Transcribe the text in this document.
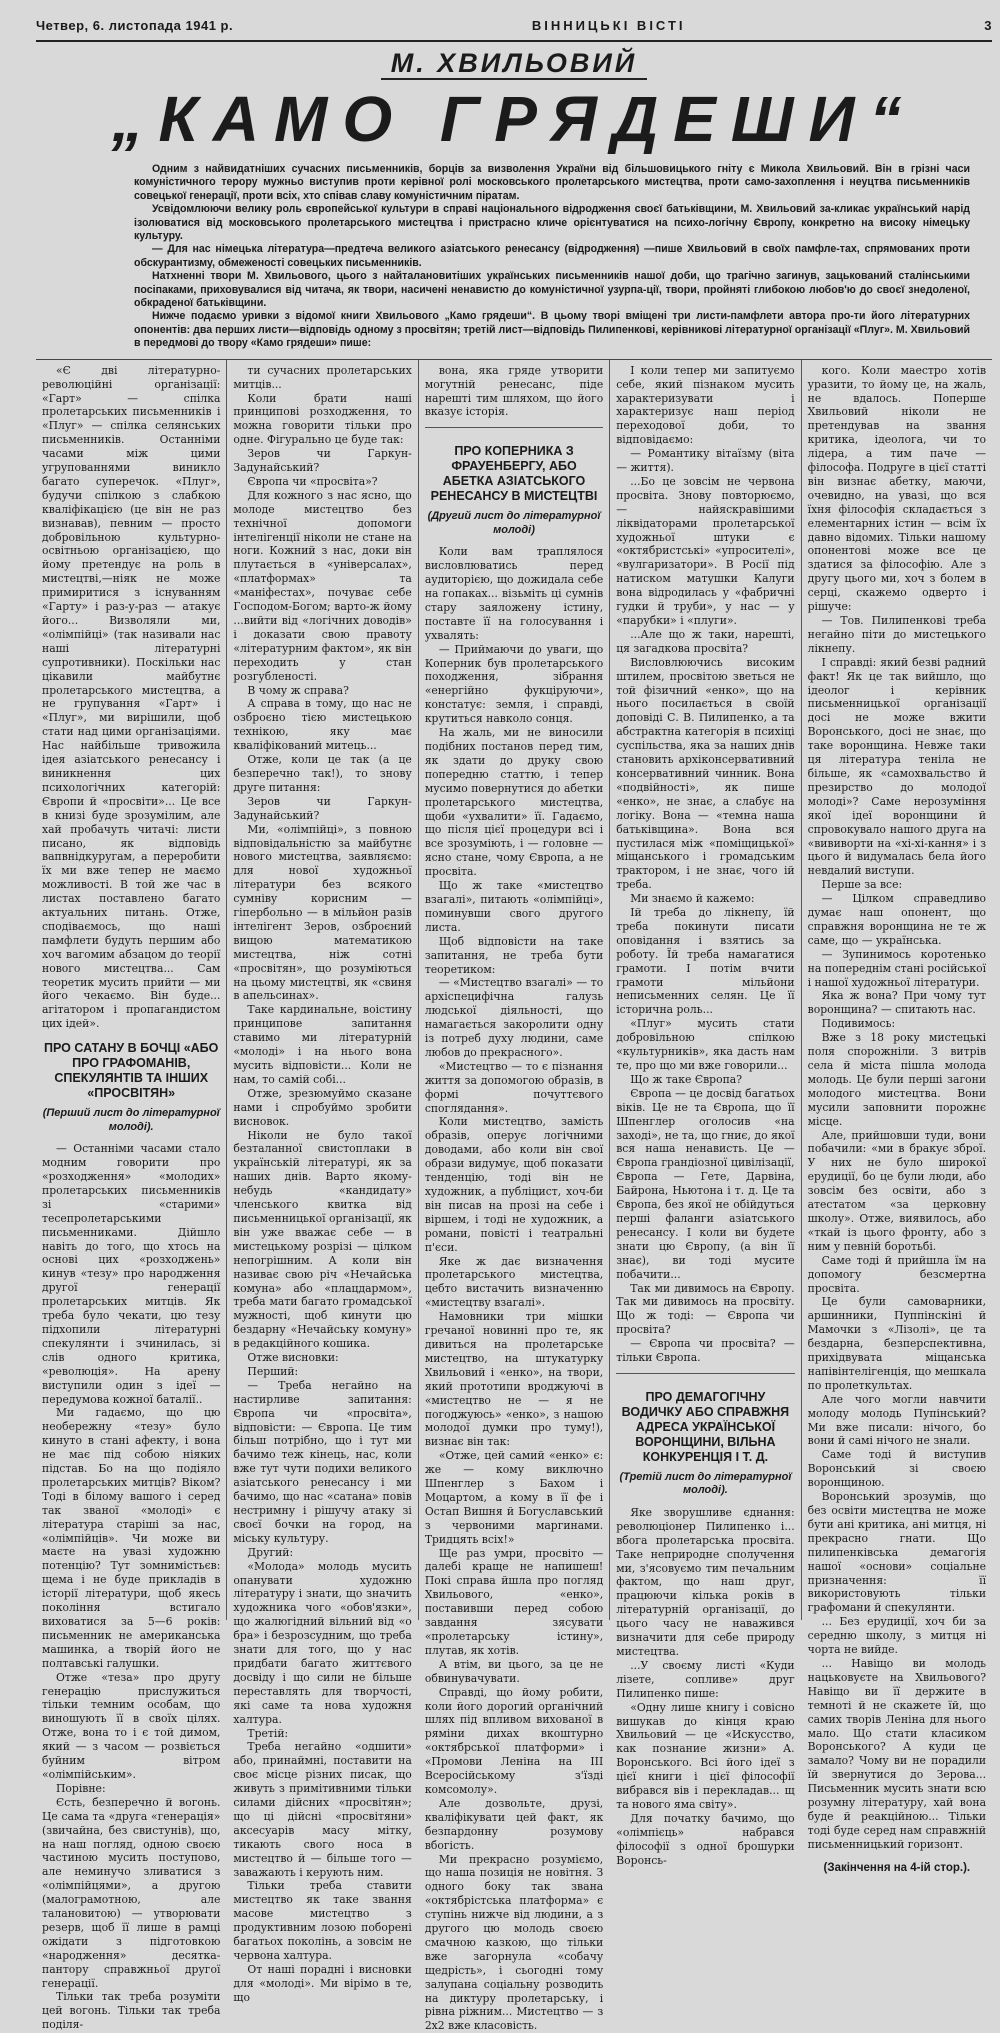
Четвер, 6. листопада 1941 р.	ВІННИЦЬКІ ВІСТІ	3
М. ХВИЛЬОВИЙ
„КАМО ГРЯДЕШИ“

Одним з найвидатніших сучасних письменників, борців за визволення України від більшовицького гніту є Микола Хвильовий. Він в грізні часи комуністичного терору мужньо виступив проти керівної ролі московського пролетарського мистецтва, проти само-захоплення і неуцтва письменників совецької генерації, проти всіх, хто співав славу комуністичним піратам.

Усвідомлюючи велику роль європейської культури в справі національного відродження своєї батьківщини, М. Хвильовий за-кликає український нарід ізолюватися від московського пролетарського мистецтва і пристрасно кличе орієнтуватися на психо-логічну Європу, конкретно на високу німецьку культуру.

— Для нас німецька література—предтеча великого азіатського ренесансу (відродження) —пише Хвильовий в своїх памфле-тах, спрямованих проти обскурантизму, обмеженості совецьких письменників.

Натхненні твори М. Хвильового, цього з найталановитіших українських письменників нашої доби, що трагічно загинув, зацькований сталінськими посіпаками, приховувалися від читача, як твори, насичені ненавистю до комуністичної узурпа-ції, твори, пройняті глибокою любов'ю до своєї знедоленої, обкраденої батьківщини.

Нижче подаємо уривки з відомої книги Хвильового „Камо грядеши“. В цьому творі вміщені три листи-памфлети автора про-ти його літературних опонентів: два перших листи—відповідь одному з просвітян; третій лист—відповідь Пилипенкові, керівникові літературної організації «Плуг». М. Хвильовий в передмові до твору «Камо грядеши» пише:

«Є дві літературно-революційні організації: «Гарт» — спілка пролетарських письменників і «Плуг» — спілка селянських письменників. Останніми часами між цими угрупованнями виникло багато суперечок. «Плуг», будучи спілкою з слабкою кваліфікацією (це він не раз визнавав), певним — просто добровільною культурно-освітньою організацією, що йому претендує на роль в мистецтві,—ніяк не може примиритися з існуванням «Гарту» і раз-у-раз — атакує його... Визволяли ми, «олімпійці» (так називали нас наші літературні супротивники). Поскільки нас цікавили майбутнє пролетарського мистецтва, а не групування «Гарт» і «Плуг», ми вирішили, щоб стати над цими організаціями. Нас найбільше тривожила ідея азіатського ренесансу і виникнення цих психологічних категорій: Європи й «просвіти»... Це все в книзі буде зрозумілим, але хай пробачуть читачі: листи писано, як відповідь вапвнідкуругам, а переробити їх ми вже тепер не маємо можливості. В той же час в листах поставлено багато актуальних питань. Отже, сподіваємось, що наші памфлети будуть першим або хоч вагомим абзацом до теорії нового мистецтва... Сам теоретик мусить прийти — ми його чекаємо. Він буде... агітатором і пропагандистом цих ідей».

ПРО САТАНУ В БОЧЦІ «АБО ПРО ГРАФОМАНІВ, СПЕКУЛЯНТІВ ТА ІНШИХ «ПРОСВІТЯН»
(Перший лист до літературної молоді).

— Останніми часами стало модним говорити про «розходження» «молодих» пролетарських письменників зі «старими» тесепролетарськими письменниками. Дійшло навіть до того, що хтось на основі цих «розходжень» кинув «тезу» про народження другої генерації пролетарських митців. Як треба було чекати, цю тезу підхопили літературні спекулянти і зчинилась, зі слів одного критика, «революція». На арену виступили один з ідеї — передумова кожної баталії..

Ми гадаємо, що цю необережну «тезу» було кинуто в стані афекту, і вона не має під собою ніяких підстав. Бо на що подіяло пролетарських митців? Віком? Тоді в білому вашого і серед так званої «молоді» є література старіші за нас, «олімпійців». Чи може ви маєте на увазі художню потенцію? Тут зомнимістьєв: щема і не буде прикладів в історії літератури, щоб якесь покоління встигало виховатися за 5—6 років: письменник не американська машинка, а творій його не полтавські галушки.

Отже «теза» про другу генерацію прислужиться тільки темним особам, що виношують її в своїх цілях. Отже, вона то і є той димом, який — з часом — розвіється буйним вітром «олімпійським».

Порівне:

Єсть, безперечно й вогонь. Це сама та «друга «генерація» (звичайна, без свистунів), що, на наш погляд, одною своєю частиною мусить поступово, але неминучо зливатися з «олімпійцями», а другою (малограмотною, але талановитою) — утворювати резерв, щоб її лише в рамці ожідати з підготовкою «народження» десятка-пантору справжньої другої генерації.

Тільки так треба розуміти цей вогонь. Тільки так треба поділя-

ти сучасних пролетарських митців...

Коли брати наші принципові розходження, то можна говорити тільки про одне. Фігурально це буде так:

Зеров чи Гаркун-Задунайський?

Європа чи «просвіта»?

Для кожного з нас ясно, що молоде мистецтво без технічної допомоги інтелігенції ніколи не стане на ноги. Кожний з нас, доки він плутається в «універсалах», «платформах» та «маніфестах», почуває себе Господом-Богом; варто-ж йому ...вийти від «логічних доводів» і доказати свою правоту «літературним фактом», як він переходить у стан розгубленості.

В чому ж справа?

А справа в тому, що нас не озброєно тією мистецькою технікою, яку має кваліфікований митець...

Отже, коли це так (а це безперечно так!), то знову друге питання:

Зеров чи Гаркун-Задунайський?

Ми, «олімпійці», з повною відповідальністю за майбутнє нового мистецтва, заявляємо: для нової художньої літератури без всякого сумніву корисним — гіпербольно — в мільйон разів інтелігент Зеров, озброєний вищою математикою мистецтва, ніж сотні «просвітян», що розуміються на цьому мистецтві, як «свиня в апельсинах».

Таке кардинальне, воістину принципове запитання ставимо ми літературній «молоді» і на нього вона мусить відповісти... Коли не нам, то самій собі...

Отже, зрезюмуймо сказане нами і спробуймо зробити висновок.

Ніколи не було такої безталанної свистоплаки в українській літературі, як за наших днів. Варто якому-небудь «кандидату» членського квитка від письменницької організації, як він уже вважає себе — в мистецькому розрізі — цілком непогрішним. А коли він називає свою річ «Нечайська комуна» або «плацдармом», треба мати багато громадської мужності, щоб кинути цю бездарну «Нечайську комуну» в редакційного кошика.

Отже висновки:

Перший:

— Треба негайно на настирливе запитання: Європа чи «просвіта», відповісти: — Європа. Це тим більш потрібно, що і тут ми бачимо теж кінець, нас, коли вже тут чути подихи великого азіатського ренесансу і ми бачимо, що нас «сатана» повів нестримну і рішучу атаку зі своєї бочки на город, на міську культуру.

Другий:

«Молода» молодь мусить опанувати художню літературу і знати, що значить художника чого «обов'язки», що жалюгідний вільний від «о бра» і безрозсудним, що треба знати для того, що у нас придбати багато життєвого досвіду і що сили не більше переставлять для творчості, які саме та нова художня халтура.

Третій:

Треба негайно «одшити» або, принаймні, поставити на своє місце різних писак, що живуть з примітивними тільки силами дійсних «просвітян»; що ці дійсні «просвітяни» аксесуарів масу мітку, тикають свого носа в мистецтво й — більше того — заважають і керують ним.

Тільки треба ставити мистецтво як таке звання масове мистецтво з продуктивним лозою поборені багатьох поколінь, а зовсім не червона халтура.

От наші порадні і висновки для «молоді». Ми вірімо в те, що

вона, яка гряде утворити могутній ренесанс, піде нарешті тим шляхом, що його вказує історія.

ПРО КОПЕРНИКА З ФРАУЕНБЕРГУ, АБО АБЕТКА АЗІАТСЬКОГО РЕНЕСАНСУ В МИСТЕЦТВІ
(Другий лист до літературної молоді)

Коли вам траплялося висловлюватись перед аудиторією, що дожидала себе на гопаках... візьміть ці сумнів стару заяложену істину, поставте її на голосування і ухвалять:

— Приймаючи до уваги, що Коперник був пролетарського походження, зібрання «енергійно фукціруючи», констатує: земля, і справді, крутиться навколо сонця.

На жаль, ми не виносили подібних постанов перед тим, як здати до друку свою попередню статтю, і тепер мусимо повернутися до абетки пролетарського мистецтва, щоби «ухвалити» її. Гадаємо, що після цієї процедури всі і все зрозуміють, і — головне — ясно стане, чому Європа, а не просвіта.

Що ж таке «мистецтво взагалі», питають «олімпійці», поминувши свого другого листа.

Щоб відповісти на таке запитання, не треба бути теоретиком:

— «Мистецтво взагалі» — то архіспецифічна галузь людської діяльності, що намагається закоролити одну із потреб духу людини, саме любов до прекрасного».

«Мистецтво — то є пізнання життя за допомогою образів, в формі почуттєвого споглядання».

Коли мистецтво, замість образів, оперує логічними доводами, або коли він свої образи видумує, щоб показати тенденцію, тоді він не художник, а публіцист, хоч-би він писав на прозі на себе і віршем, і тоді не художник, а романи, повісті і театральні п'єси.

Яке ж дає визначення пролетарського мистецтва, цебто вистачить визначенню «мистецтву взагалі».

Намовники три мішки гречаної новинні про те, як дивиться на пролетарське мистецтво, на штукатурку Хвильовий і «енко», на твори, який прототипи вроджуючі в «мистецтво не — я не погоджуюсь» «енко», з нашою молодої думки про туму!), визнає він так:

«Отже, цей самий «енко» є: же — кому виключно Шпенглер з Бахом і Моцартом, а кому в її фе і Остап Вишня й Богуславський з червоними маргинами. Тридцять всіх!»

Ще раз умри, просвіто — далебі краще не напишеш! Покі справа йшла про погляд Хвильового, «енко», поставивши перед собою завдання зясувати «пролетарську істину», плутав, як хотів.

А втім, ви цього, за це не обвинувачувати.

Справді, що йому робити, коли його дорогий органічний шлях під впливом вихованої в ряміни дихах вкоштурно «октябрської платформи» і «Промови Леніна на III Всеросійському з'їзді комсомолу».

Але дозвольте, друзі, кваліфікувати цей факт, як безпардонну розумову вбогість.

Ми прекрасно розуміємо, що наша позиція не новітня. З одного боку так звана «октябрістська платформа» є ступінь нижче від людини, а з другого цю молодь своєю смачною казкою, що тільки вже загорнула «собачу щедрість», і сьогодні тому залупана соціальну розводить на диктуру пролетарську, і рівна ріжним... Мистецтво — з 2х2 вже класовість.

І коли тепер ми запитуємо себе, який пізнаком мусить характеризувати і характеризує наш період переходової доби, то відповідаємо:

— Романтику вітаїзму (віта — життя).

...Бо це зовсім не червона просвіта. Знову повторюємо, — найяскравішими ліквідаторами пролетарської художньої штуки є «октябристські» «упросителі», «вулгаризатори». В Росії під натиском матушки Калуги вона відродилась у «фабричні гудки й труби», у нас — у «парубки» і «плуги».

...Але що ж таки, нарешті, ця загадкова просвіта?

Висловлюючись високим штилем, просвітою зветься не той фізичний «енко», що на нього посилається в своїй доповіді С. В. Пилипенко, а та абстрактна категорія в психіці суспільства, яка за наших днів становить архіконсервативний консервативний чинник. Вона «подвійності», як пише «енко», не знає, а слабує на логіку. Вона — «темна наша батьківщина». Вона вся пустилася між «поміщицької» міщанського і громадським трактором, і не знає, чого ій треба.

Ми знаємо й кажемо:

Ій треба до лікнепу, їй треба покинути писати оповідання і взятись за роботу. Їй треба намагатися грамоти. І потім вчити грамоти мільйони неписьменних селян. Це її історична роль...

«Плуг» мусить стати добровільною спілкою «культурників», яка дасть нам те, про що ми вже говорили...

Що ж таке Європа?

Європа — це досвід багатьох віків. Це не та Європа, що її Шпенглер оголосив «на заході», не та, що гниє, до якої вся наша ненависть. Це — Європа грандіозної цивілізації, Європа — Гете, Дарвіна, Байрона, Ньютона і т. д. Це та Європа, без якої не обійдуться перші фаланги азіатського ренесансу. І коли ви будете знати цю Європу, (а він її знає), ви тоді мусите побачити...

Так ми дивимось на Європу. Так ми дивимось на просвіту. Що ж тоді: — Європа чи просвіта?

— Європа чи просвіта? — тільки Європа.

ПРО ДЕМАГОГІЧНУ ВОДИЧКУ АБО СПРАВЖНЯ АДРЕСА УКРАЇНСЬКОЇ ВОРОНЩИНИ, ВІЛЬНА КОНКУРЕНЦІЯ І Т. Д.
(Третій лист до літературної молоді).

Яке зворушливе єднання: революціонер Пилипенко і... вбога пролетарська просвіта. Таке неприродне сполучення ми, з'ясовуємо тим печальним фактом, що наш друг, працюючи кілька років в літературній організації, до цього часу не наважився визначити для себе природу мистецтва.

...У своєму листі «Куди лізете, сопливе» друг Пилипенко пише:

«Одну лише книгу і совісно вишукав до кінця краю Хвильовий — це «Искусство, как познание жизни» А. Воронського. Всі його ідеї з цієї книги і цієї філософії вибрався вів і перекладав... щ та нового яма світу».

Для початку бачимо, що «олімпієць» набрався філософії з одної брошурки Воронсь-

кого. Коли маестро хотів уразити, то йому це, на жаль, не вдалось. Поперше Хвильовий ніколи не претендував на звання критика, ідеолога, чи то лідера, а тим паче — філософа. Подруге в цієї статті він визнає абетку, маючи, очевидно, на увазі, що вся їхня філософія складається з елементарних істин — всім їх давно відомих. Тільки нашому опонентові може все це здатися за філософію. Але з другу цього ми, хоч з болем в серці, скажемо одверто і рішуче:

— Тов. Пилипенкові треба негайно піти до мистецького лікнепу.

І справді: який безві радний факт! Як це так вийшло, що ідеолог і керівник письменницької організації досі не може вжити Воронського, досі не знає, що таке воронщина. Невже таки ця література теніла не більше, як «самохвальство й презирство до молодої молоді»? Саме нерозуміння якої ідеї воронщини й спровокувало нашого друга на «вививорти на «хі-хі-кання» і з цього й видумалась бела його невдалий виступи.

Перше за все:

— Цілком справедливо думає наш опонент, що справжня воронщина не те ж саме, що — українська.

— Зупинимось коротенько на попереднім стані російської і нашої художньої літератури.

Яка ж вона? При чому тут воронщина? — спитають нас.

Подивимось:

Вже з 18 року мистецькі поля спорожніли. З витрів села й міста пішла молода молодь. Це були перші загони молодого мистецтва. Вони мусили заповнити порожнє місце.

Але, прийшовши туди, вони побачили: «ми в бракує зброї. У них не було широкої ерудиції, бо це були люди, або зовсім без освіти, або з атестатом «за церковну школу». Отже, виявилось, або «ткай із цього фронту, або з ним у певній боротьбі.

Саме тоді й прийшла їм на допомогу безсмертна просвіта.

Це були самоварники, аршинники, Пуппінскіні й Мамочки з «Лізолі», це та бездарна, безперспективна, прихідвувата міщанська напівінтелігенція, що мешкала по пролеткультах.

Але чого могли навчити молоду молодь Пупінський? Ми вже писали: нічого, бо вони й самі нічого не знали.

Саме тоді й виступив Воронський зі своєю воронщиною.

Воронський зрозумів, що без освіти мистецтва не може бути ані критика, ані митця, ні прекрасно гнати. Що пилипенківська демагогія нашої «основи» соціальне призначення: її використовують тільки графомани й спекулянти.

... Без ерудиції, хоч би за середню школу, з митця ні чорта не вийде.

... Навіщо ви молодь нацьковуєте на Хвильового? Навіщо ви її держите в темноті й не скажете їй, що самих творів Леніна для нього мало. Що стати класиком Воронського? А куди це замало? Чому ви не порадили їй звернутися до Зерова... Письменник мусить знати всю розумну літературу, хай вона буде й реакційною... Тільки тоді буде серед нам справжній письменницький горизонт.

(Закінчення на 4-ій стор.).
